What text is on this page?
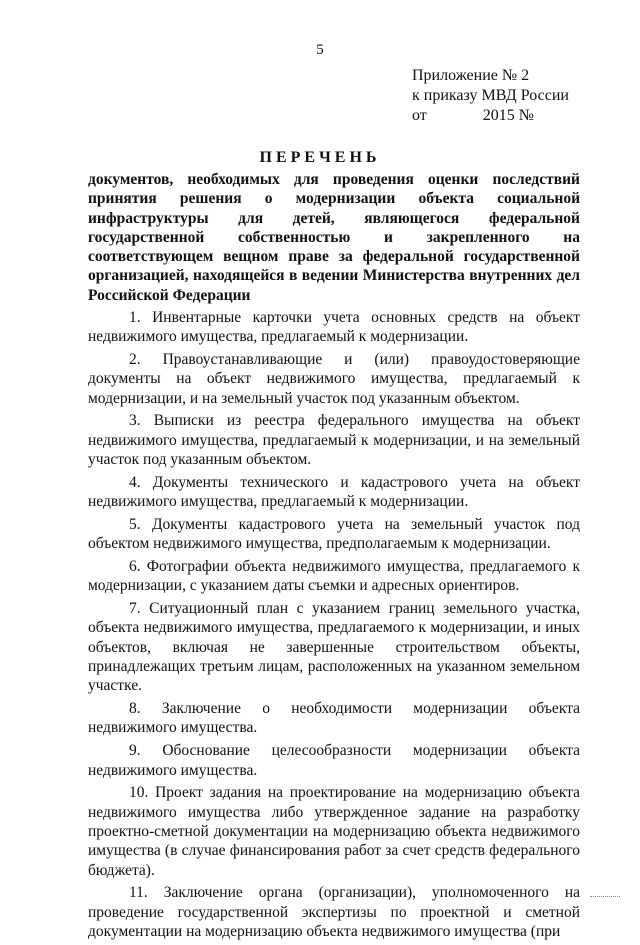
5
Приложение № 2
к приказу МВД России
от              2015 №
ПЕРЕЧЕНЬ
документов, необходимых для проведения оценки последствий принятия решения о модернизации объекта социальной инфраструктуры для детей, являющегося федеральной государственной собственностью и закрепленного на соответствующем вещном праве за федеральной государственной организацией, находящейся в ведении Министерства внутренних дел Российской Федерации

1. Инвентарные карточки учета основных средств на объект недвижимого имущества, предлагаемый к модернизации.

2. Правоустанавливающие и (или) правоудостоверяющие документы на объект недвижимого имущества, предлагаемый к модернизации, и на земельный участок под указанным объектом.

3. Выписки из реестра федерального имущества на объект недвижимого имущества, предлагаемый к модернизации, и на земельный участок под указанным объектом.

4. Документы технического и кадастрового учета на объект недвижимого имущества, предлагаемый к модернизации.

5. Документы кадастрового учета на земельный участок под объектом недвижимого имущества, предполагаемым к модернизации.

6. Фотографии объекта недвижимого имущества, предлагаемого к модернизации, с указанием даты съемки и адресных ориентиров.

7. Ситуационный план с указанием границ земельного участка, объекта недвижимого имущества, предлагаемого к модернизации, и иных объектов, включая не завершенные строительством объекты, принадлежащих третьим лицам, расположенных на указанном земельном участке.

8. Заключение о необходимости модернизации объекта недвижимого имущества.

9. Обоснование целесообразности модернизации объекта недвижимого имущества.

10. Проект задания на проектирование на модернизацию объекта недвижимого имущества либо утвержденное задание на разработку проектно-сметной документации на модернизацию объекта недвижимого имущества (в случае финансирования работ за счет средств федерального бюджета).

11. Заключение органа (организации), уполномоченного на проведение государственной экспертизы по проектной и сметной документации на модернизацию объекта недвижимого имущества (при
